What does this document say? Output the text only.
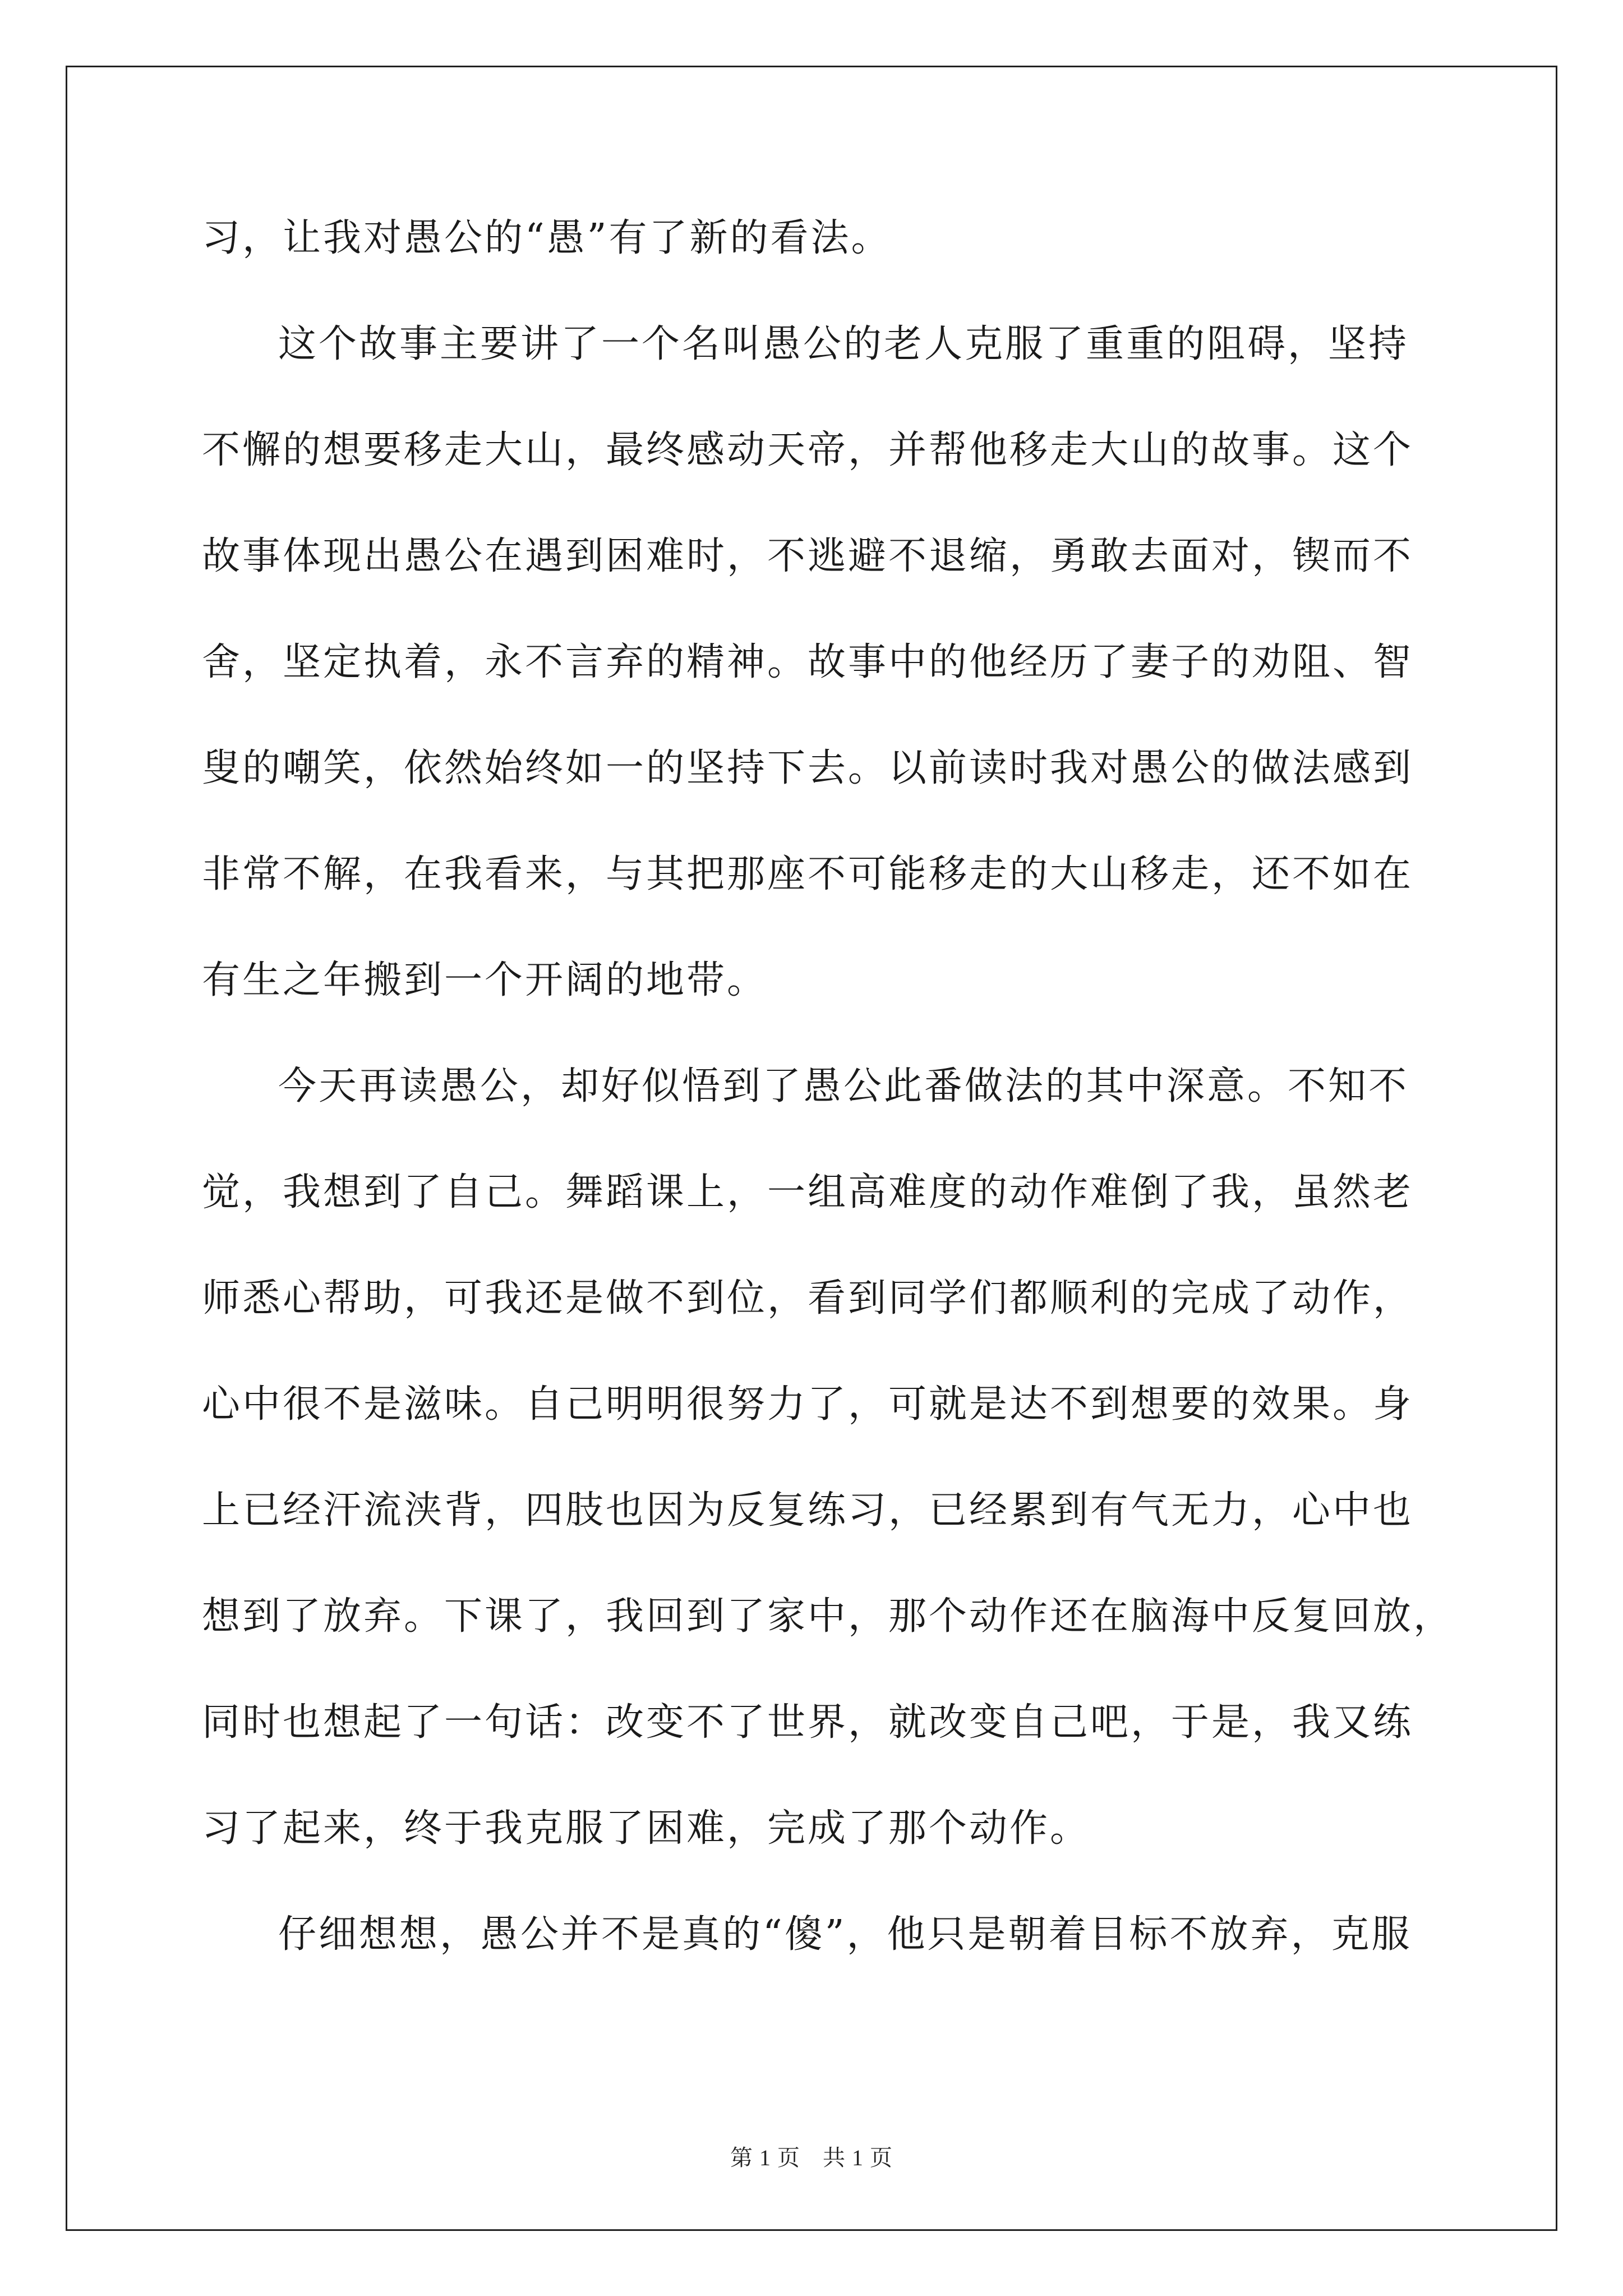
习，让我对愚公的“愚”有了新的看法。
这个故事主要讲了一个名叫愚公的老人克服了重重的阻碍，坚持
不懈的想要移走大山，最终感动天帝，并帮他移走大山的故事。这个
故事体现出愚公在遇到困难时，不逃避不退缩，勇敢去面对，锲而不
舍，坚定执着，永不言弃的精神。故事中的他经历了妻子的劝阻、智
叟的嘲笑，依然始终如一的坚持下去。以前读时我对愚公的做法感到
非常不解，在我看来，与其把那座不可能移走的大山移走，还不如在
有生之年搬到一个开阔的地带。
今天再读愚公，却好似悟到了愚公此番做法的其中深意。不知不
觉，我想到了自己。舞蹈课上，一组高难度的动作难倒了我，虽然老
师悉心帮助，可我还是做不到位，看到同学们都顺利的完成了动作，
心中很不是滋味。自己明明很努力了，可就是达不到想要的效果。身
上已经汗流浃背，四肢也因为反复练习，已经累到有气无力，心中也
想到了放弃。下课了，我回到了家中，那个动作还在脑海中反复回放，
同时也想起了一句话：改变不了世界，就改变自己吧，于是，我又练
习了起来，终于我克服了困难，完成了那个动作。
仔细想想，愚公并不是真的“傻”，他只是朝着目标不放弃，克服
第 1 页 共 1 页
